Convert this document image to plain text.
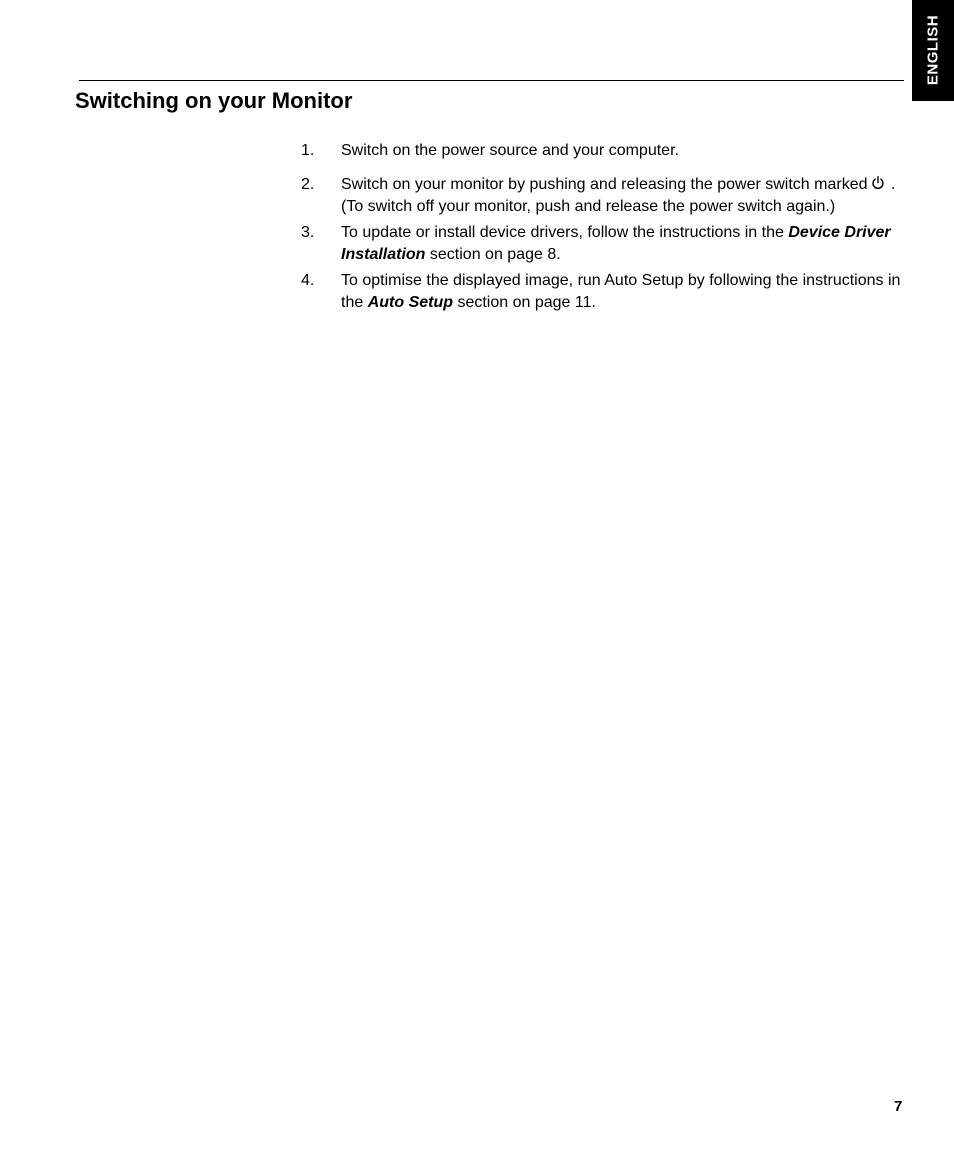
ENGLISH
Switching on your Monitor
1. Switch on the power source and your computer.
2. Switch on your monitor by pushing and releasing the power switch marked .
(To switch off your monitor, push and release the power switch again.)
3. To update or install device drivers, follow the instructions in the Device Driver Installation section on page 8.
4. To optimise the displayed image, run Auto Setup by following the instructions in the Auto Setup section on page 11.
7
